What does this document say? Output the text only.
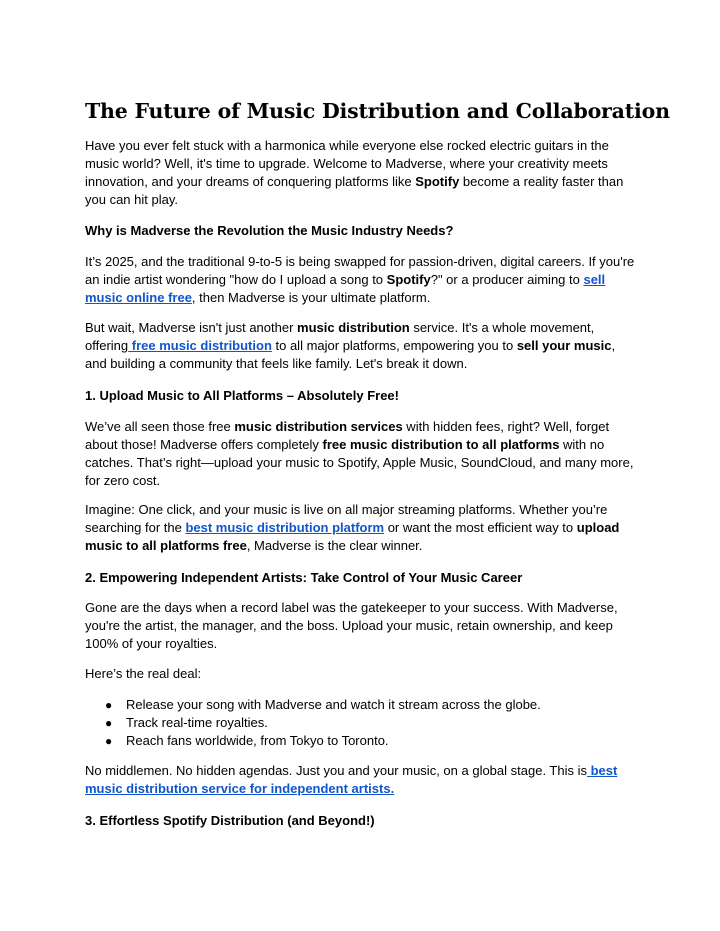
The Future of Music Distribution and Collaboration
Have you ever felt stuck with a harmonica while everyone else rocked electric guitars in the
music world? Well, it's time to upgrade. Welcome to Madverse, where your creativity meets
innovation, and your dreams of conquering platforms like Spotify become a reality faster than
you can hit play.
Why is Madverse the Revolution the Music Industry Needs?
It’s 2025, and the traditional 9-to-5 is being swapped for passion-driven, digital careers. If you're
an indie artist wondering "how do I upload a song to Spotify?" or a producer aiming to sell
music online free, then Madverse is your ultimate platform.
But wait, Madverse isn't just another music distribution service. It's a whole movement,
offering free music distribution to all major platforms, empowering you to sell your music,
and building a community that feels like family. Let's break it down.
1. Upload Music to All Platforms – Absolutely Free!
We’ve all seen those free music distribution services with hidden fees, right? Well, forget
about those! Madverse offers completely free music distribution to all platforms with no
catches. That’s right—upload your music to Spotify, Apple Music, SoundCloud, and many more,
for zero cost.
Imagine: One click, and your music is live on all major streaming platforms. Whether you’re
searching for the best music distribution platform or want the most efficient way to upload
music to all platforms free, Madverse is the clear winner.
2. Empowering Independent Artists: Take Control of Your Music Career
Gone are the days when a record label was the gatekeeper to your success. With Madverse,
you're the artist, the manager, and the boss. Upload your music, retain ownership, and keep
100% of your royalties.
Here’s the real deal:
● Release your song with Madverse and watch it stream across the globe.
● Track real-time royalties.
● Reach fans worldwide, from Tokyo to Toronto.
No middlemen. No hidden agendas. Just you and your music, on a global stage. This is best
music distribution service for independent artists.
3. Effortless Spotify Distribution (and Beyond!)
